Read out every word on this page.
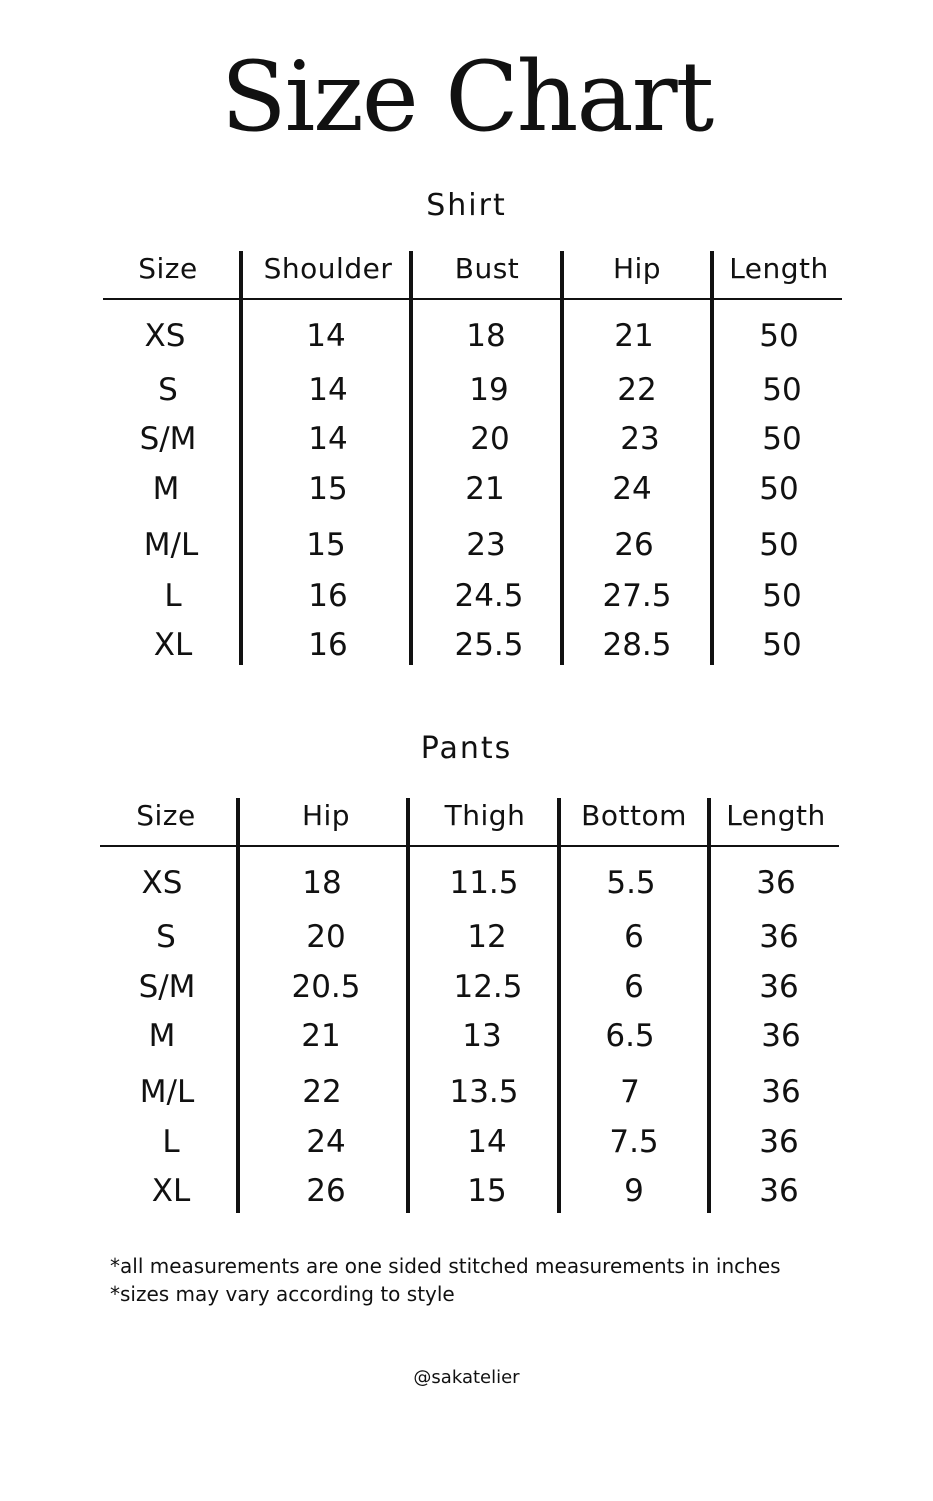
Size Chart
Shirt
Pants
*all measurements are one sided stitched measurements in inches
*sizes may vary according to style
@sakatelier
Size	Shoulder	Bust	Hip	Length
XS	14	18	21	50
S	14	19	22	50
S/M	14	20	23	50
M	15	21	24	50
M/L	15	23	26	50
L	16	24.5	27.5	50
XL	16	25.5	28.5	50
Size	Hip	Thigh	Bottom	Length
XS	18	11.5	5.5	36
S	20	12	6	36
S/M	20.5	12.5	6	36
M	21	13	6.5	36
M/L	22	13.5	7	36
L	24	14	7.5	36
XL	26	15	9	36
